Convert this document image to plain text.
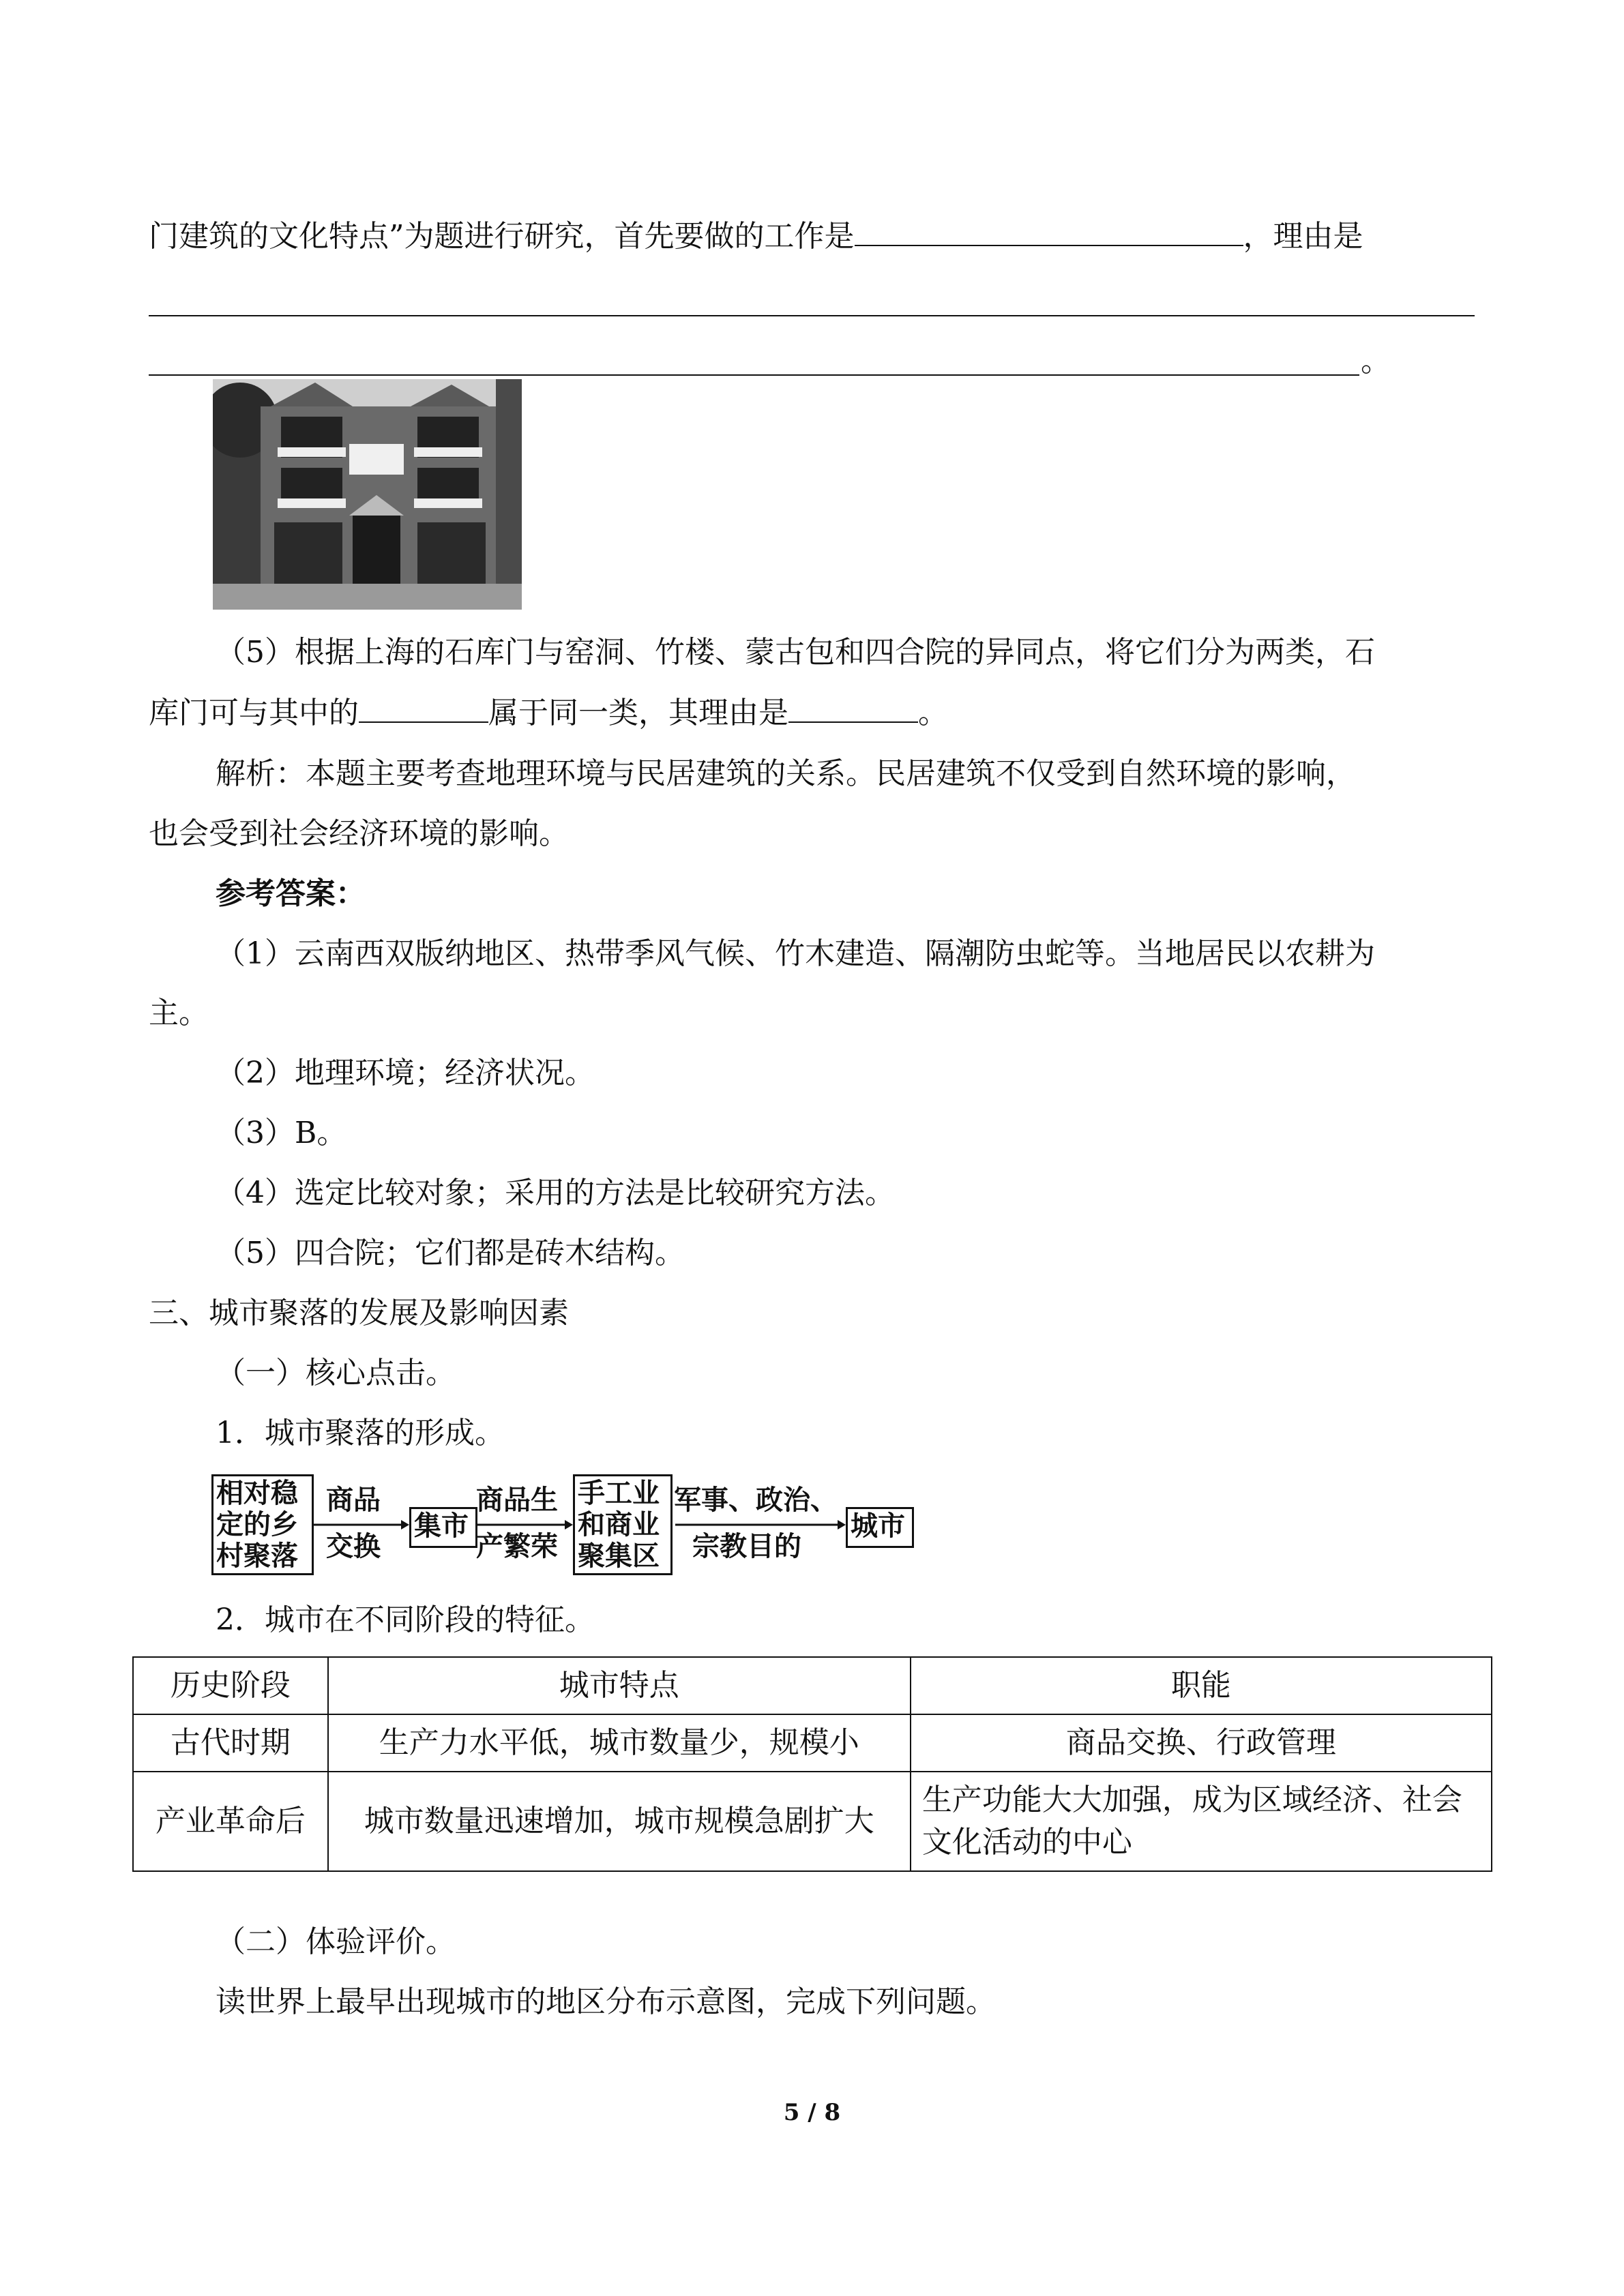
门建筑的文化特点”为题进行研究，首先要做的工作是	，理由是
。
（5）根据上海的石库门与窑洞、竹楼、蒙古包和四合院的异同点，将它们分为两类，石
库门可与其中的	属于同一类，其理由是	。
解析：本题主要考查地理环境与民居建筑的关系。民居建筑不仅受到自然环境的影响，
也会受到社会经济环境的影响。
参考答案：
（1）云南西双版纳地区、热带季风气候、竹木建造、隔潮防虫蛇等。当地居民以农耕为
主。
（2）地理环境；经济状况。
（3）B。
（4）选定比较对象；采用的方法是比较研究方法。
（5）四合院；它们都是砖木结构。
三、城市聚落的发展及影响因素
（一）核心点击。
1．城市聚落的形成。
相对稳
定的乡
村聚落
商品
交换
集市
商品生
产繁荣
手工业
和商业
聚集区
军事、政治、
宗教目的
城市
2．城市在不同阶段的特征。
历史阶段	城市特点	职能
古代时期	生产力水平低，城市数量少，规模小	商品交换、行政管理
产业革命后	城市数量迅速增加，城市规模急剧扩大	生产功能大大加强，成为区域经济、社会文化活动的中心
（二）体验评价。
读世界上最早出现城市的地区分布示意图，完成下列问题。
5 / 8
